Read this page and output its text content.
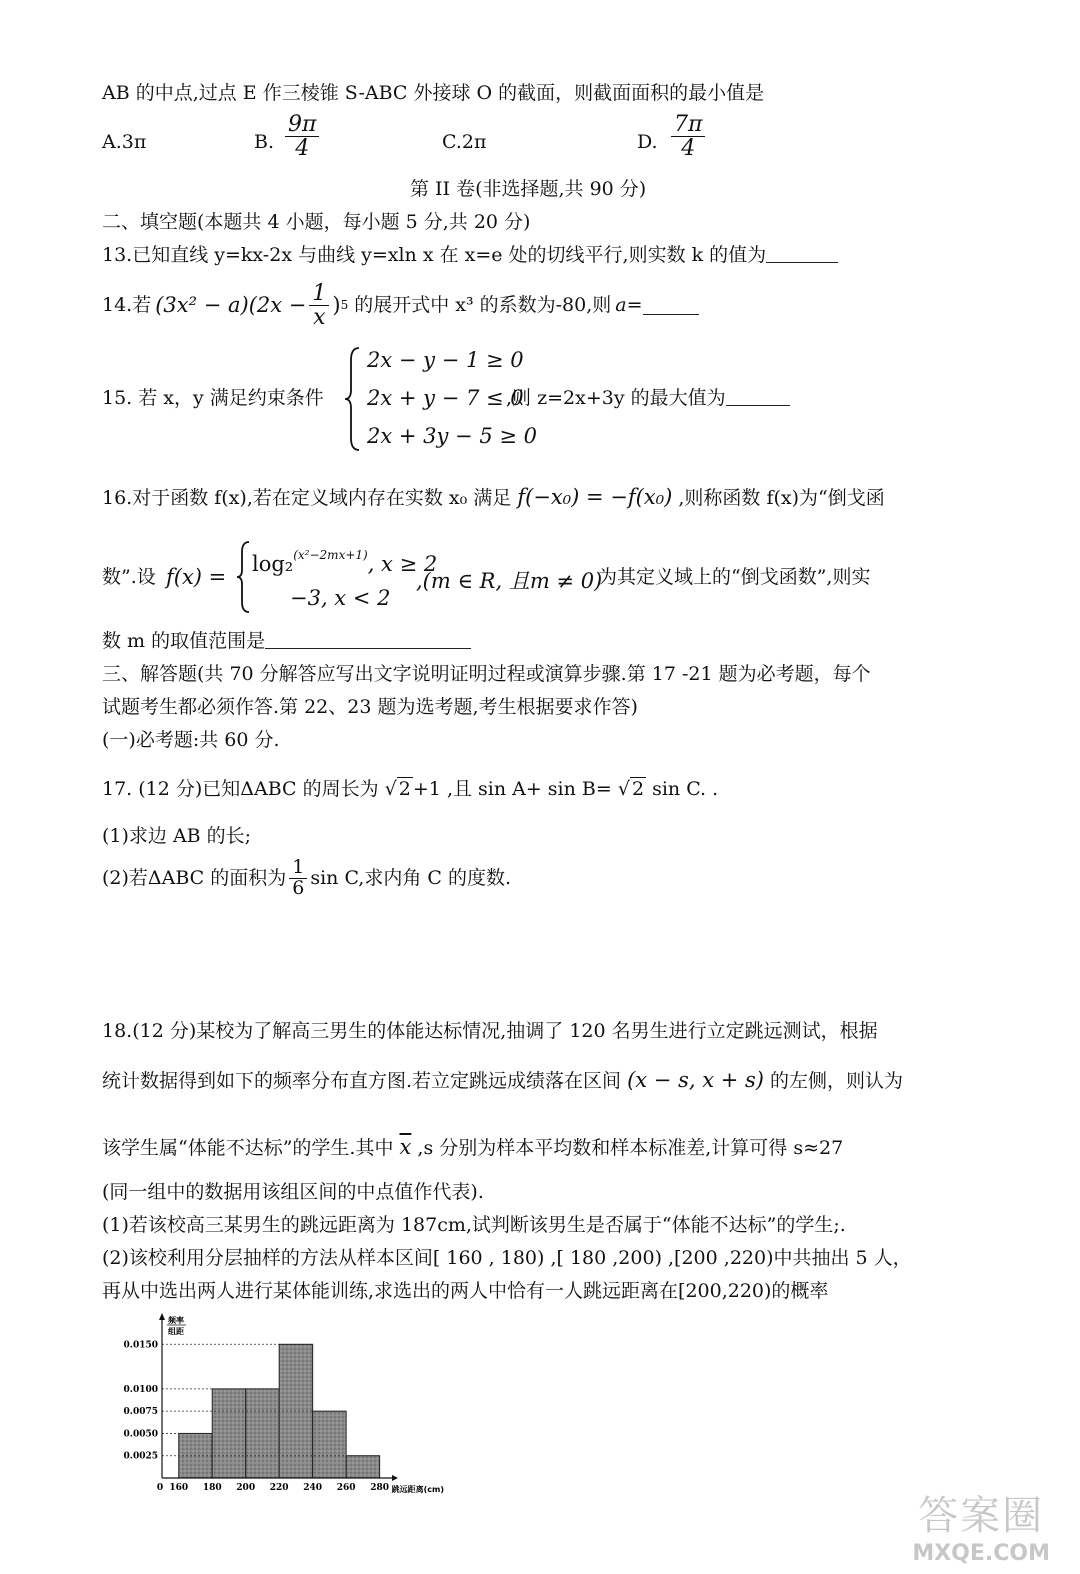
AB 的中点,过点 E 作三棱锥 S-ABC 外接球 O 的截面，则截面面积的最小值是
A.3π	B. $\frac{9\pi}{4}$	C.2π	D. $\frac{7\pi}{4}$
第 II 卷(非选择题,共 90 分)
二、填空题(本题共 4 小题，每小题 5 分,共 20 分)
13.已知直线 y=kx-2x 与曲线 y=xln x 在 x=e 处的切线平行,则实数 k 的值为
14.若 $(3x^2 - a)(2x - \frac{1}{x}$ ) 5 的展开式中 x³ 的系数为-80,则 a =
15. 若 x，y 满足约束条件
2x − y − 1 ≥ 0
2x + y − 7 ≤ 0
2x + 3y − 5 ≥ 0
,则 z=2x+3y 的最大值为
16.对于函数 f(x),若在定义域内存在实数 x₀ 满足 f(−x₀) = −f(x₀) ,则称函数 f(x)为“倒戈函
数”.设 f(x) =
log₂$^{(x^2-2mx+1)}$, x ≥ 2
−3, x < 2
,(m ∈ R, 且m ≠ 0)
为其定义域上的“倒戈函数”,则实
数 m 的取值范围是
三、解答题(共 70 分解答应写出文字说明证明过程或演算步骤.第 17 -21 题为必考题，每个
试题考生都必须作答.第 22、23 题为选考题,考生根据要求作答)
(一)必考题:共 60 分.
17. (12 分)已知ΔABC 的周长为 √ 2 +1 ,且 sin A+ sin B= √ 2 sin C. .
(1)求边 AB 的长;
(2)若ΔABC 的面积为 $\frac{1}{6}$ sin C,求内角 C 的度数.
18.(12 分)某校为了解高三男生的体能达标情况,抽调了 120 名男生进行立定跳远测试，根据
统计数据得到如下的频率分布直方图.若立定跳远成绩落在区间 (x − s, x + s) 的左侧，则认为
该学生属“体能不达标”的学生.其中 $\overline{x}$ ,s 分别为样本平均数和样本标准差,计算可得 s≈27
(同一组中的数据用该组区间的中点值作代表).
(1)若该校高三某男生的跳远距离为 187cm,试判断该男生是否属于“体能不达标”的学生;.
(2)该校利用分层抽样的方法从样本区间[ 160 , 180) ,[ 180 ,200) ,[200 ,220)中共抽出 5 人，
再从中选出两人进行某体能训练,求选出的两人中恰有一人跳远距离在[200,220)的概率
0.0150
0.0100
0.0075
0.0050
0.0025
频率
组距
0 160 180 200 220 240 260 280 跳远距离(cm)
答案圈
MXQE.COM
